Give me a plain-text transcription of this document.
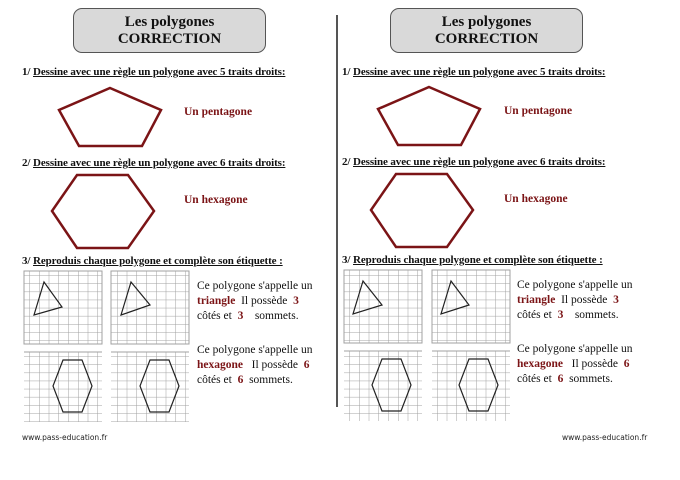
Les polygones
CORRECTION
1/ Dessine avec une règle un polygone avec 5 traits droits:
Un pentagone
2/ Dessine avec une règle un polygone avec 6 traits droits:
Un hexagone
3/ Reproduis chaque polygone et complète son étiquette :
Ce polygone s'appelle un
triangle Il possède 3
côtés et 3 sommets.
Ce polygone s'appelle un
hexagone Il possède 6
côtés et 6 sommets.
www.pass-education.fr
Les polygones
CORRECTION
1/ Dessine avec une règle un polygone avec 5 traits droits:
Un pentagone
2/ Dessine avec une règle un polygone avec 6 traits droits:
Un hexagone
3/ Reproduis chaque polygone et complète son étiquette :
Ce polygone s'appelle un
triangle Il possède 3
côtés et 3 sommets.
Ce polygone s'appelle un
hexagone Il possède 6
côtés et 6 sommets.
www.pass-education.fr
